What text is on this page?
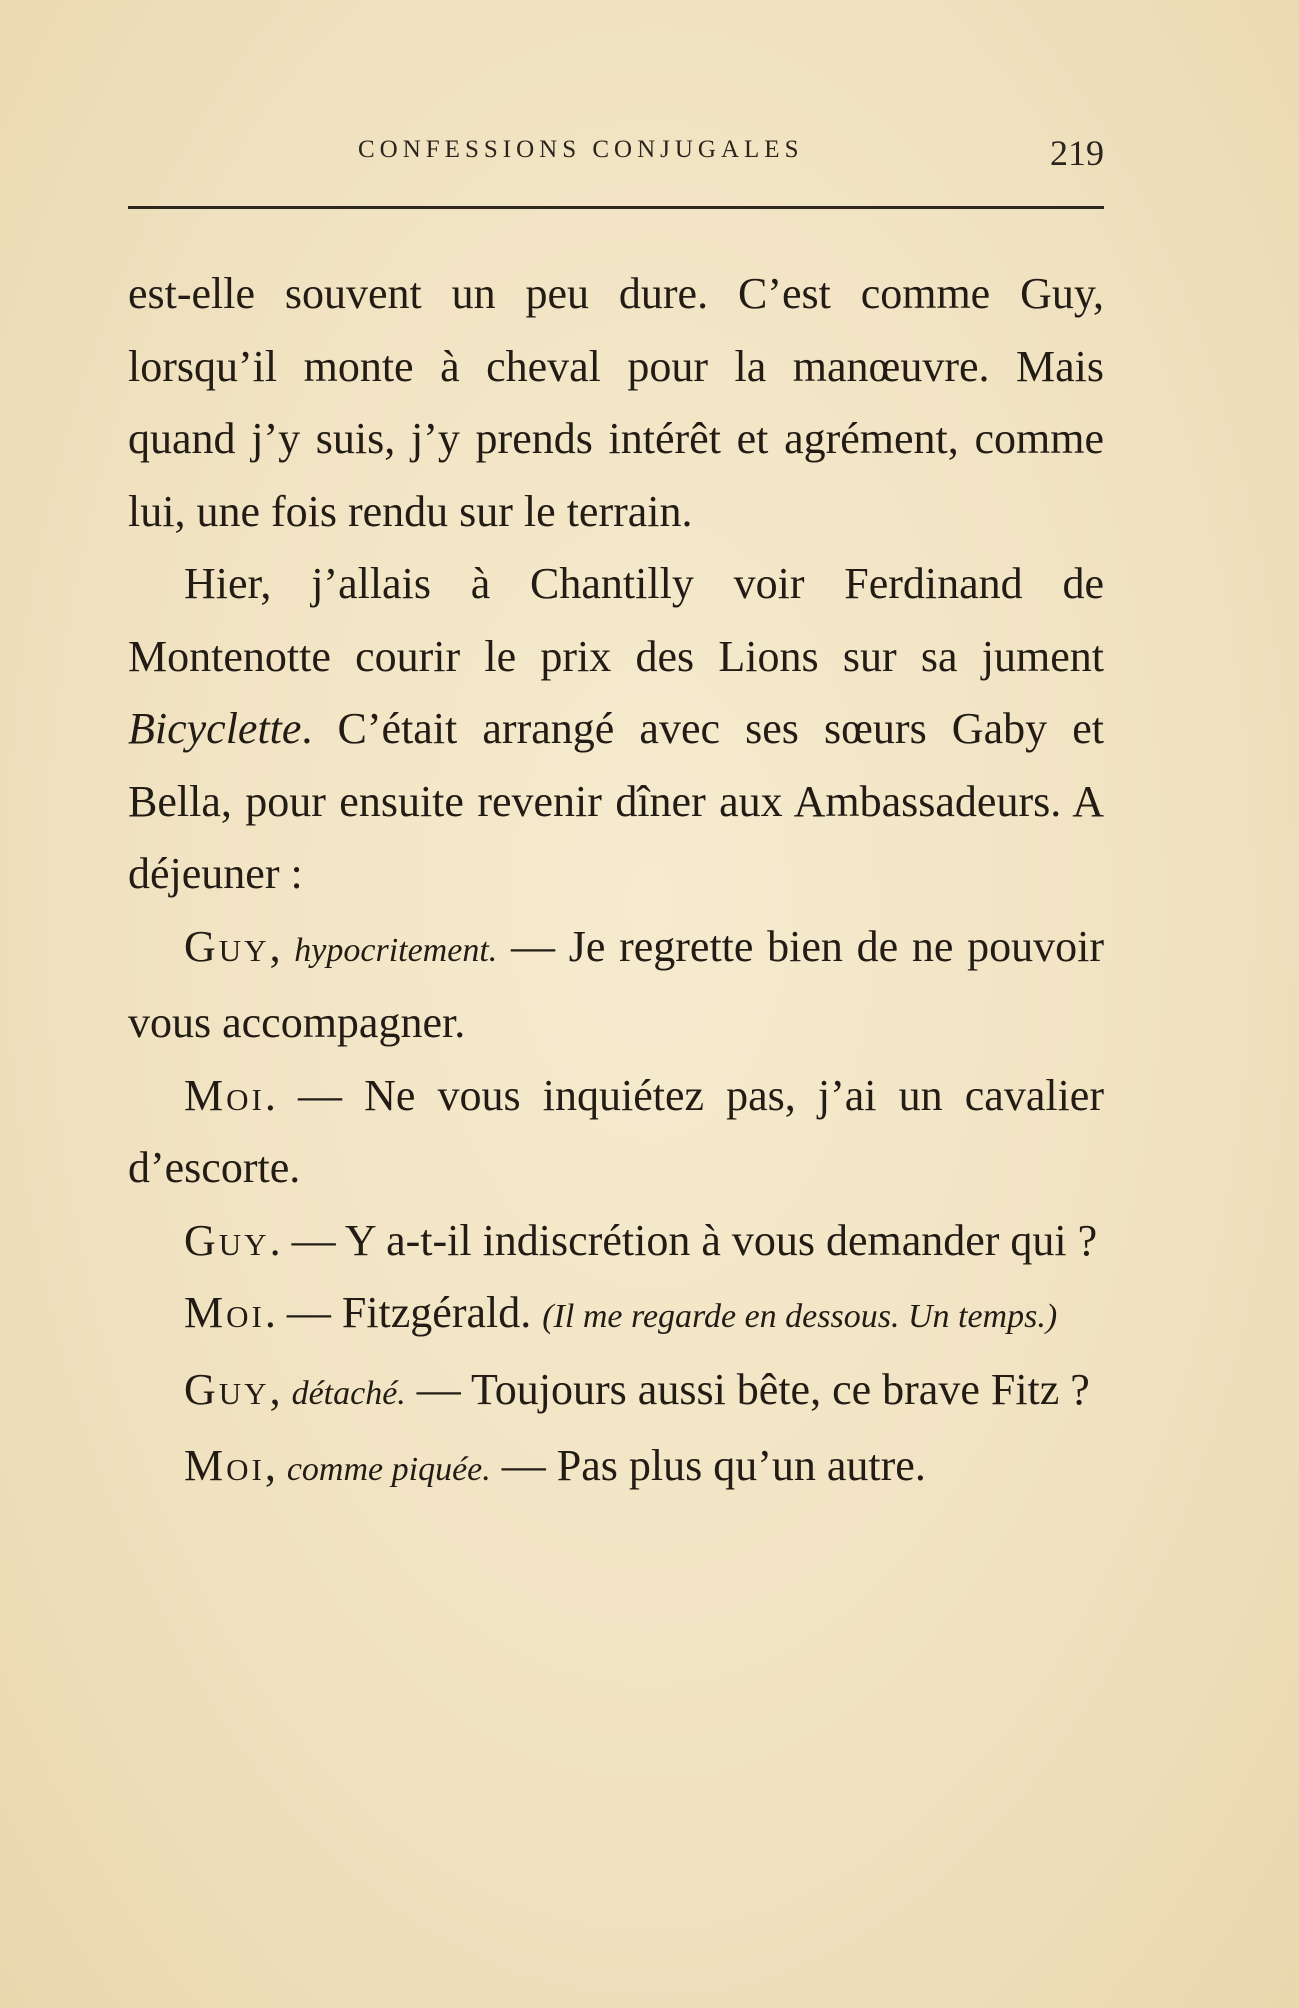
CONFESSIONS CONJUGALES	219

est-elle souvent un peu dure. C’est comme Guy, lorsqu’il monte à cheval pour la manœuvre. Mais quand j’y suis, j’y prends intérêt et agrément, comme lui, une fois rendu sur le terrain.

Hier, j’allais à Chantilly voir Ferdinand de Montenotte courir le prix des Lions sur sa jument Bicyclette. C’était arrangé avec ses sœurs Gaby et Bella, pour ensuite revenir dîner aux Ambassadeurs. A déjeuner :

Guy, hypocritement. — Je regrette bien de ne pouvoir vous accompagner.

Moi. — Ne vous inquiétez pas, j’ai un cavalier d’escorte.

Guy. — Y a-t-il indiscrétion à vous demander qui ?

Moi. — Fitzgérald. (Il me regarde en dessous. Un temps.)

Guy, détaché. — Toujours aussi bête, ce brave Fitz ?

Moi, comme piquée. — Pas plus qu’un autre.
